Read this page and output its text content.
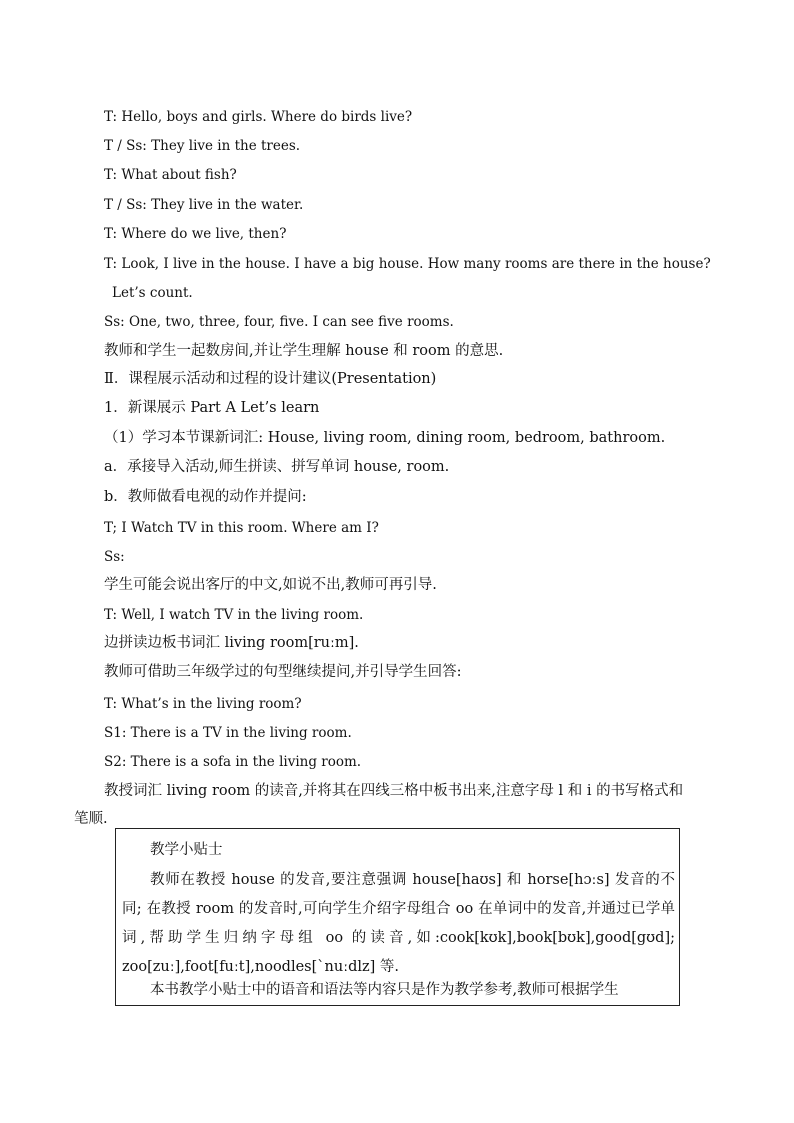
T: Hello, boys and girls. Where do birds live?
T / Ss: They live in the trees.
T: What about fish?
T / Ss: They live in the water.
T: Where do we live, then?
T: Look, I live in the house. I have a big house. How many rooms are there in the house?
Let’s count.
Ss: One, two, three, four, five. I can see five rooms.
教师和学生一起数房间,并让学生理解 house 和 room 的意思.
Ⅱ．课程展示活动和过程的设计建议(Presentation)
1．新课展示 Part A Let’s learn
（1）学习本节课新词汇: House, living room, dining room, bedroom, bathroom.
a．承接导入活动,师生拼读、拼写单词 house, room.
b．教师做看电视的动作并提问:
T; I Watch TV in this room. Where am I?
Ss:
学生可能会说出客厅的中文,如说不出,教师可再引导.
T: Well, I watch TV in the living room.
边拼读边板书词汇 living room[ruːm].
教师可借助三年级学过的句型继续提问,并引导学生回答:
T: What’s in the living room?
S1: There is a TV in the living room.
S2: There is a sofa in the living room.
教授词汇 living room 的读音,并将其在四线三格中板书出来,注意字母 l 和 i 的书写格式和
笔顺.
教学小贴士
教师在教授 house 的发音,要注意强调 house[haʊs] 和 horse[hɔːs] 发音的不同; 在教授 room 的发音时,可向学生介绍字母组合 oo 在单词中的发音,并通过已学单词,帮助学生归纳字母组 oo 的读音,如:cook[kʊk],book[bʊk],good[gʊd]; zoo[zuː],foot[fuːt],noodles[ˋnuːdlz] 等.
本书教学小贴士中的语音和语法等内容只是作为教学参考,教师可根据学生
